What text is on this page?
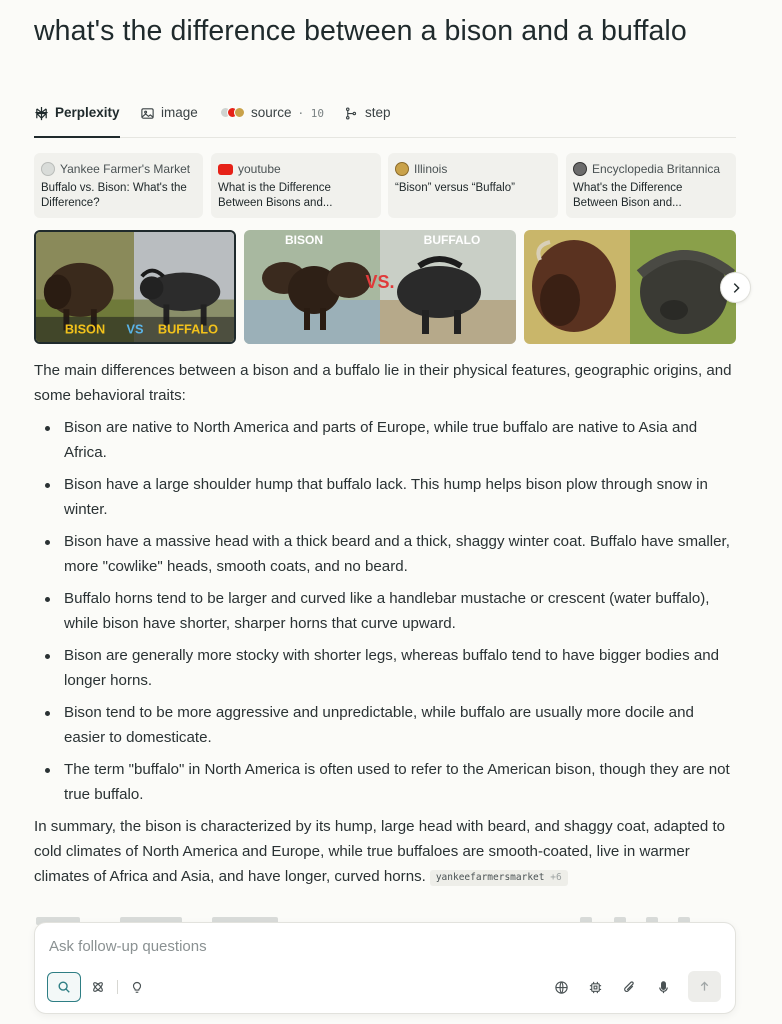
what's the difference between a bison and a buffalo
Perplexity	image	source · 10	step
Yankee Farmer's Market
Buffalo vs. Bison: What's the Difference?
youtube
What is the Difference Between Bisons and...
Illinois
“Bison” versus “Buffalo”
Encyclopedia Britannica
What's the Difference Between Bison and...
BISON VS BUFFALO
BISON
VS.
BUFFALO

The main differences between a bison and a buffalo lie in their physical features, geographic origins, and some behavioral traits:

Bison are native to North America and parts of Europe, while true buffalo are native to Asia and Africa.
Bison have a large shoulder hump that buffalo lack. This hump helps bison plow through snow in winter.
Bison have a massive head with a thick beard and a thick, shaggy winter coat. Buffalo have smaller, more "cowlike" heads, smooth coats, and no beard.
Buffalo horns tend to be larger and curved like a handlebar mustache or crescent (water buffalo), while bison have shorter, sharper horns that curve upward.
Bison are generally more stocky with shorter legs, whereas buffalo tend to have bigger bodies and longer horns.
Bison tend to be more aggressive and unpredictable, while buffalo are usually more docile and easier to domesticate.
The term "buffalo" in North America is often used to refer to the American bison, though they are not true buffalo.

In summary, the bison is characterized by its hump, large head with beard, and shaggy coat, adapted to cold climates of North America and Europe, while true buffaloes are smooth-coated, live in warmer climates of Africa and Asia, and have longer, curved horns. yankeefarmersmarket +6

Ask follow-up questions
